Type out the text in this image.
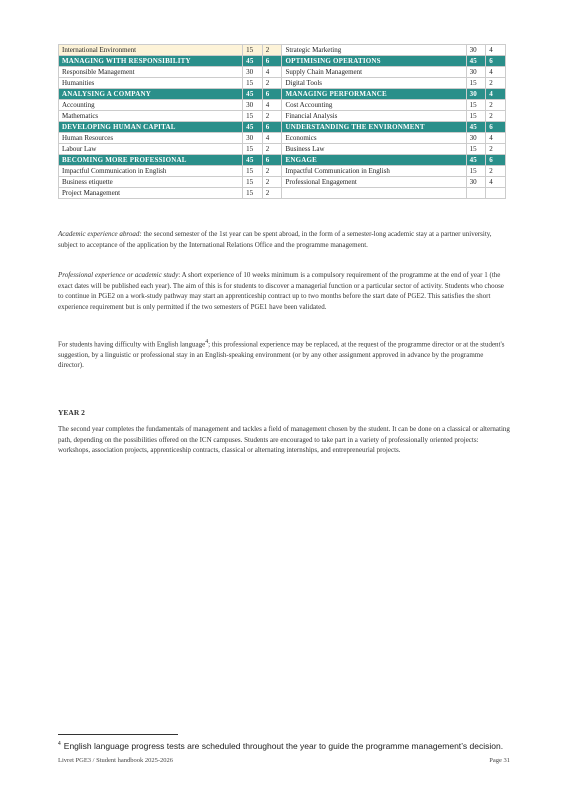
International Environment	15	2	Strategic Marketing	30	4
MANAGING WITH RESPONSIBILITY	45	6	OPTIMISING OPERATIONS	45	6
Responsible Management	30	4	Supply Chain Management	30	4
Humanities	15	2	Digital Tools	15	2
ANALYSING A COMPANY	45	6	MANAGING PERFORMANCE	30	4
Accounting	30	4	Cost Accounting	15	2
Mathematics	15	2	Financial Analysis	15	2
DEVELOPING HUMAN CAPITAL	45	6	UNDERSTANDING THE ENVIRONMENT	45	6
Human Resources	30	4	Economics	30	4
Labour Law	15	2	Business Law	15	2
BECOMING MORE PROFESSIONAL	45	6	ENGAGE	45	6
Impactful Communication in English	15	2	Impactful Communication in English	15	2
Business etiquette	15	2	Professional Engagement	30	4
Project Management	15	2			

Academic experience abroad: the second semester of the 1st year can be spent abroad, in the form of a semester-long academic stay at a partner university, subject to acceptance of the application by the International Relations Office and the programme management.

Professional experience or academic study: A short experience of 10 weeks minimum is a compulsory requirement of the programme at the end of year 1 (the exact dates will be published each year). The aim of this is for students to discover a managerial function or a particular sector of activity. Students who choose to continue in PGE2 on a work-study pathway may start an apprenticeship contract up to two months before the start date of PGE2. This satisfies the short experience requirement but is only permitted if the two semesters of PGE1 have been validated.

For students having difficulty with English language$^4$; this professional experience may be replaced, at the request of the programme director or at the student's suggestion, by a linguistic or professional stay in an English-speaking environment (or by any other assignment approved in advance by the programme director).

YEAR 2

The second year completes the fundamentals of management and tackles a field of management chosen by the student. It can be done on a classical or alternating path, depending on the possibilities offered on the ICN campuses. Students are encouraged to take part in a variety of professionally oriented projects: workshops, association projects, apprenticeship contracts, classical or alternating internships, and entrepreneurial projects.

$^4$ English language progress tests are scheduled throughout the year to guide the programme management’s decision.
Livret PGE3 / Student handbook 2025-2026	Page 31
